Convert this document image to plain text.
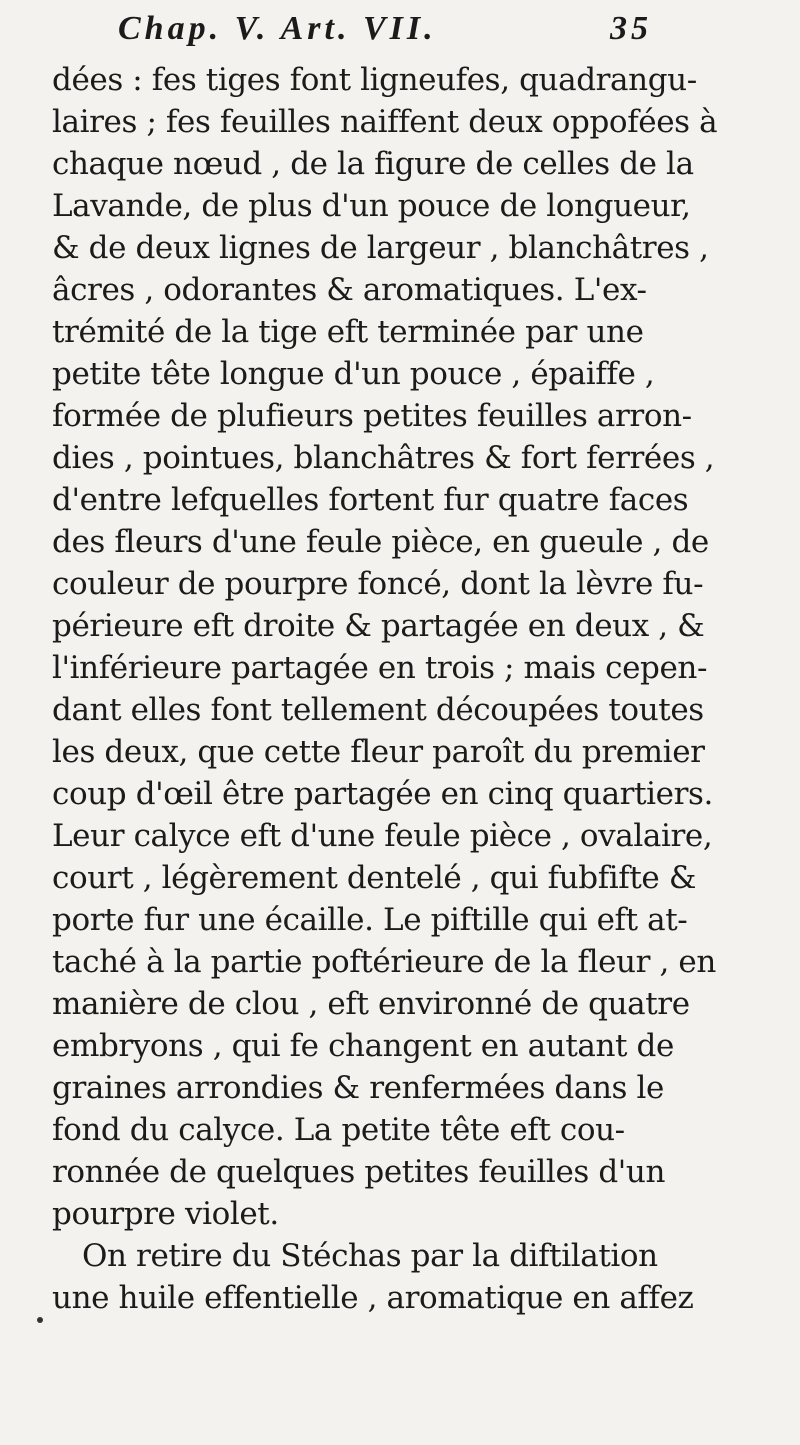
Chap. V. Art. VII.	35
dées : fes tiges font ligneufes, quadrangu-
laires ; fes feuilles naiffent deux oppofées à
chaque nœud , de la figure de celles de la
Lavande, de plus d'un pouce de longueur,
& de deux lignes de largeur , blanchâtres ,
âcres , odorantes & aromatiques. L'ex-
trémité de la tige eft terminée par une
petite tête longue d'un pouce , épaiffe ,
formée de plufieurs petites feuilles arron-
dies , pointues, blanchâtres & fort ferrées ,
d'entre lefquelles fortent fur quatre faces
des fleurs d'une feule pièce, en gueule , de
couleur de pourpre foncé, dont la lèvre fu-
périeure eft droite & partagée en deux , &
l'inférieure partagée en trois ; mais cepen-
dant elles font tellement découpées toutes
les deux, que cette fleur paroît du premier
coup d'œil être partagée en cinq quartiers.
Leur calyce eft d'une feule pièce , ovalaire,
court , légèrement dentelé , qui fubfifte &
porte fur une écaille. Le piftille qui eft at-
taché à la partie poftérieure de la fleur , en
manière de clou , eft environné de quatre
embryons , qui fe changent en autant de
graines arrondies & renfermées dans le
fond du calyce. La petite tête eft cou-
ronnée de quelques petites feuilles d'un
pourpre violet.
On retire du Stéchas par la diftilation
une huile effentielle , aromatique en affez
